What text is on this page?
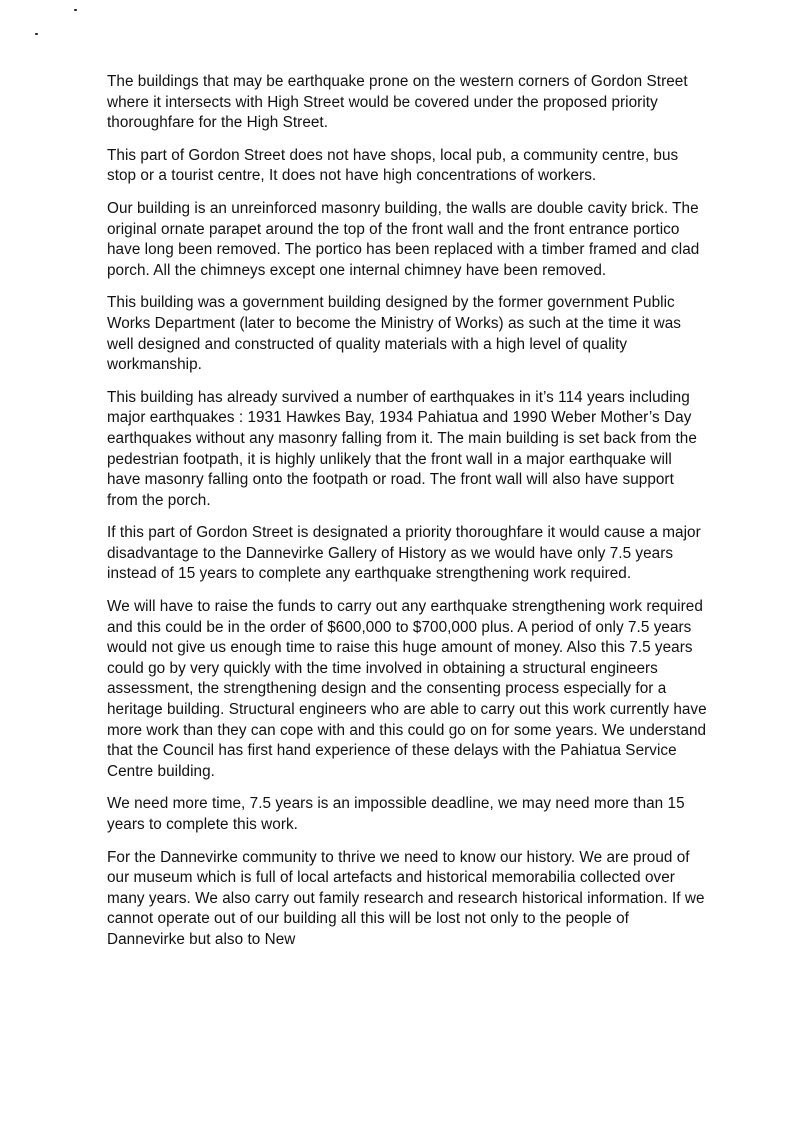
The buildings that may be earthquake prone on the western corners of Gordon Street where it intersects with High Street would be covered under the proposed priority thoroughfare for the High Street.

This part of Gordon Street does not have shops, local pub, a community centre, bus stop or a tourist centre, It does not have high concentrations of workers.

Our building is an unreinforced masonry building, the walls are double cavity brick. The original ornate parapet around the top of the front wall and the front entrance portico have long been removed. The portico has been replaced with a timber framed and clad porch. All the chimneys except one internal chimney have been removed.

This building was a government building designed by the former government Public Works Department (later to become the Ministry of Works) as such at the time it was well designed and constructed of quality materials with a high level of quality workmanship.

This building has already survived a number of earthquakes in it’s 114 years including major earthquakes : 1931 Hawkes Bay, 1934 Pahiatua and 1990 Weber Mother’s Day earthquakes without any masonry falling from it. The main building is set back from the pedestrian footpath, it is highly unlikely that the front wall in a major earthquake will have masonry falling onto the footpath or road. The front wall will also have support from the porch.

If this part of Gordon Street is designated a priority thoroughfare it would cause a major disadvantage to the Dannevirke Gallery of History as we would have only 7.5 years instead of 15 years to complete any earthquake strengthening work required.

We will have to raise the funds to carry out any earthquake strengthening work required and this could be in the order of $600,000 to $700,000 plus. A period of only 7.5 years would not give us enough time to raise this huge amount of money. Also this 7.5 years could go by very quickly with the time involved in obtaining a structural engineers assessment, the strengthening design and the consenting process especially for a heritage building. Structural engineers who are able to carry out this work currently have more work than they can cope with and this could go on for some years. We understand that the Council has first hand experience of these delays with the Pahiatua Service Centre building.

We need more time, 7.5 years is an impossible deadline, we may need more than 15 years to complete this work.

For the Dannevirke community to thrive we need to know our history. We are proud of our museum which is full of local artefacts and historical memorabilia collected over many years. We also carry out family research and research historical information. If we cannot operate out of our building all this will be lost not only to the people of Dannevirke but also to New
